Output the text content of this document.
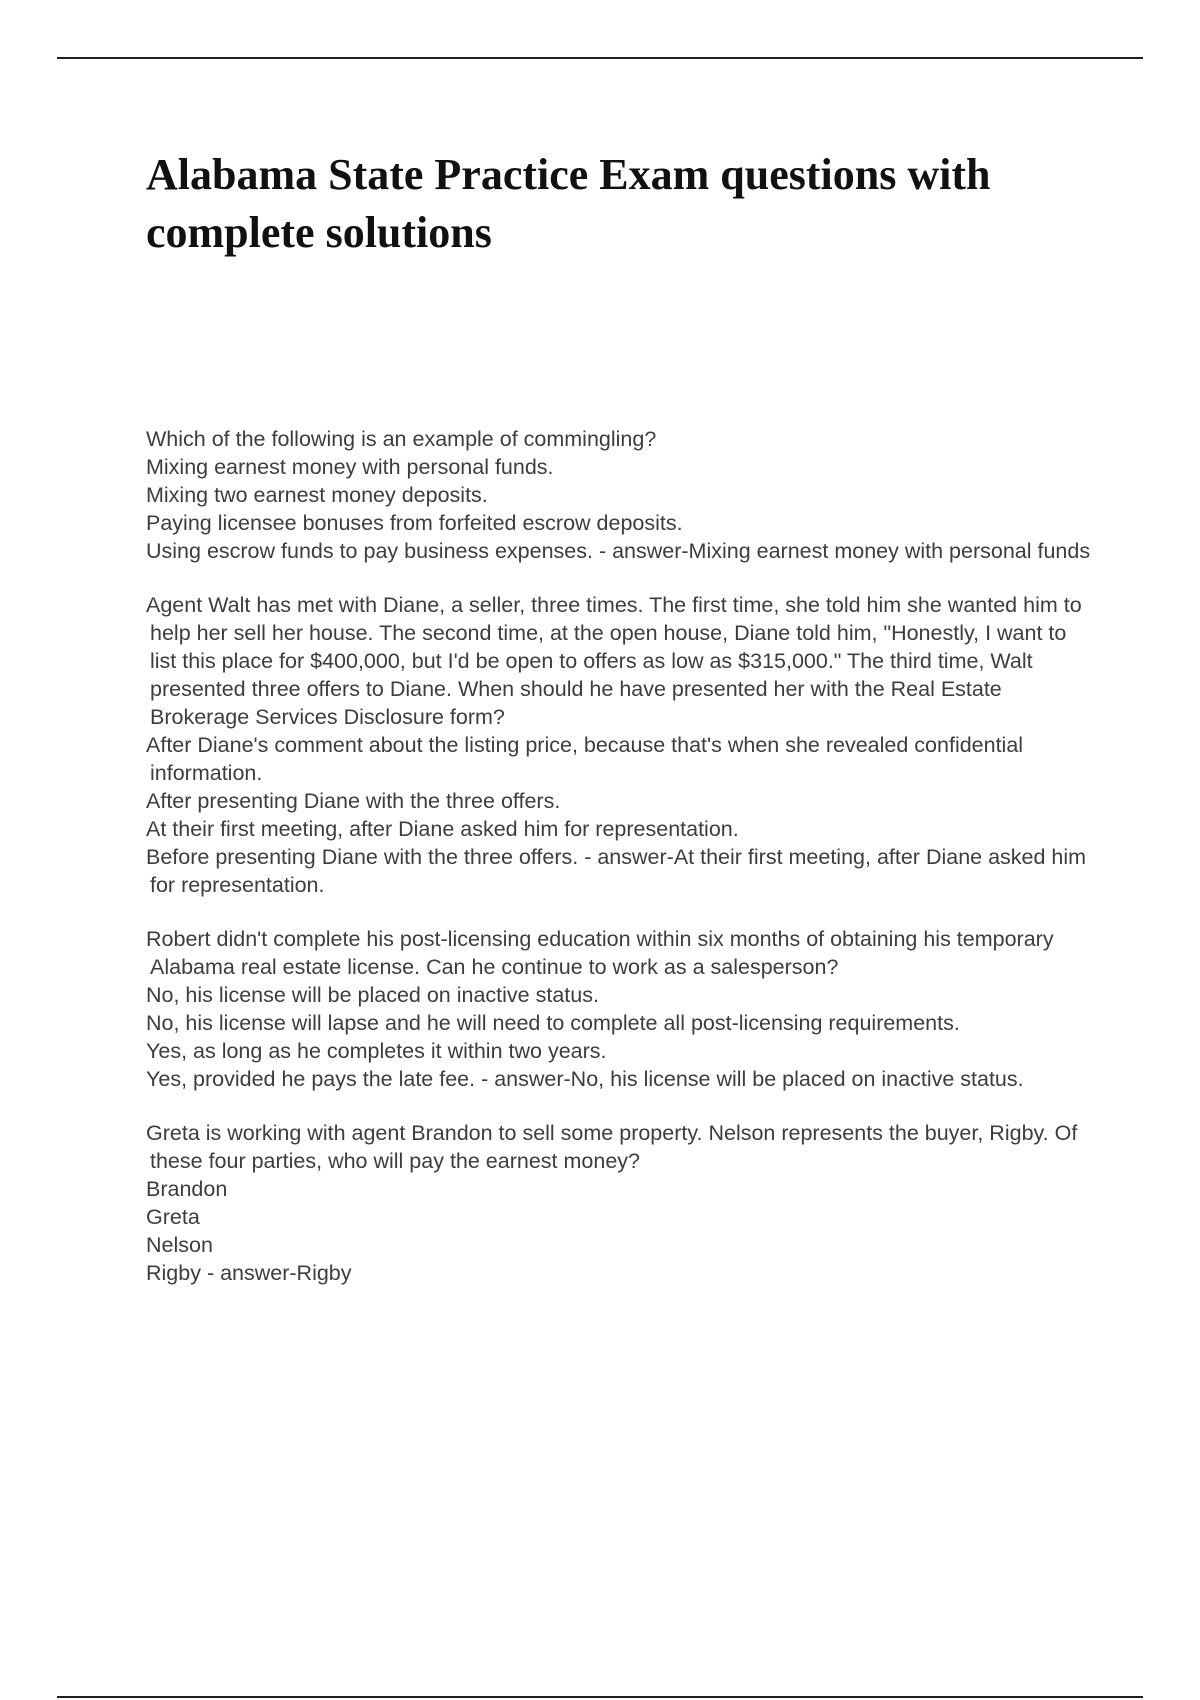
Alabama State Practice Exam questions with complete solutions
Which of the following is an example of commingling?
Mixing earnest money with personal funds.
Mixing two earnest money deposits.
Paying licensee bonuses from forfeited escrow deposits.
Using escrow funds to pay business expenses. - answer-Mixing earnest money with personal funds
Agent Walt has met with Diane, a seller, three times. The first time, she told him she wanted him to help her sell her house. The second time, at the open house, Diane told him, "Honestly, I want to list this place for $400,000, but I'd be open to offers as low as $315,000." The third time, Walt presented three offers to Diane. When should he have presented her with the Real Estate Brokerage Services Disclosure form?
After Diane's comment about the listing price, because that's when she revealed confidential information.
After presenting Diane with the three offers.
At their first meeting, after Diane asked him for representation.
Before presenting Diane with the three offers. - answer-At their first meeting, after Diane asked him for representation.
Robert didn't complete his post-licensing education within six months of obtaining his temporary Alabama real estate license. Can he continue to work as a salesperson?
No, his license will be placed on inactive status.
No, his license will lapse and he will need to complete all post-licensing requirements.
Yes, as long as he completes it within two years.
Yes, provided he pays the late fee. - answer-No, his license will be placed on inactive status.
Greta is working with agent Brandon to sell some property. Nelson represents the buyer, Rigby. Of these four parties, who will pay the earnest money?
Brandon
Greta
Nelson
Rigby - answer-Rigby
